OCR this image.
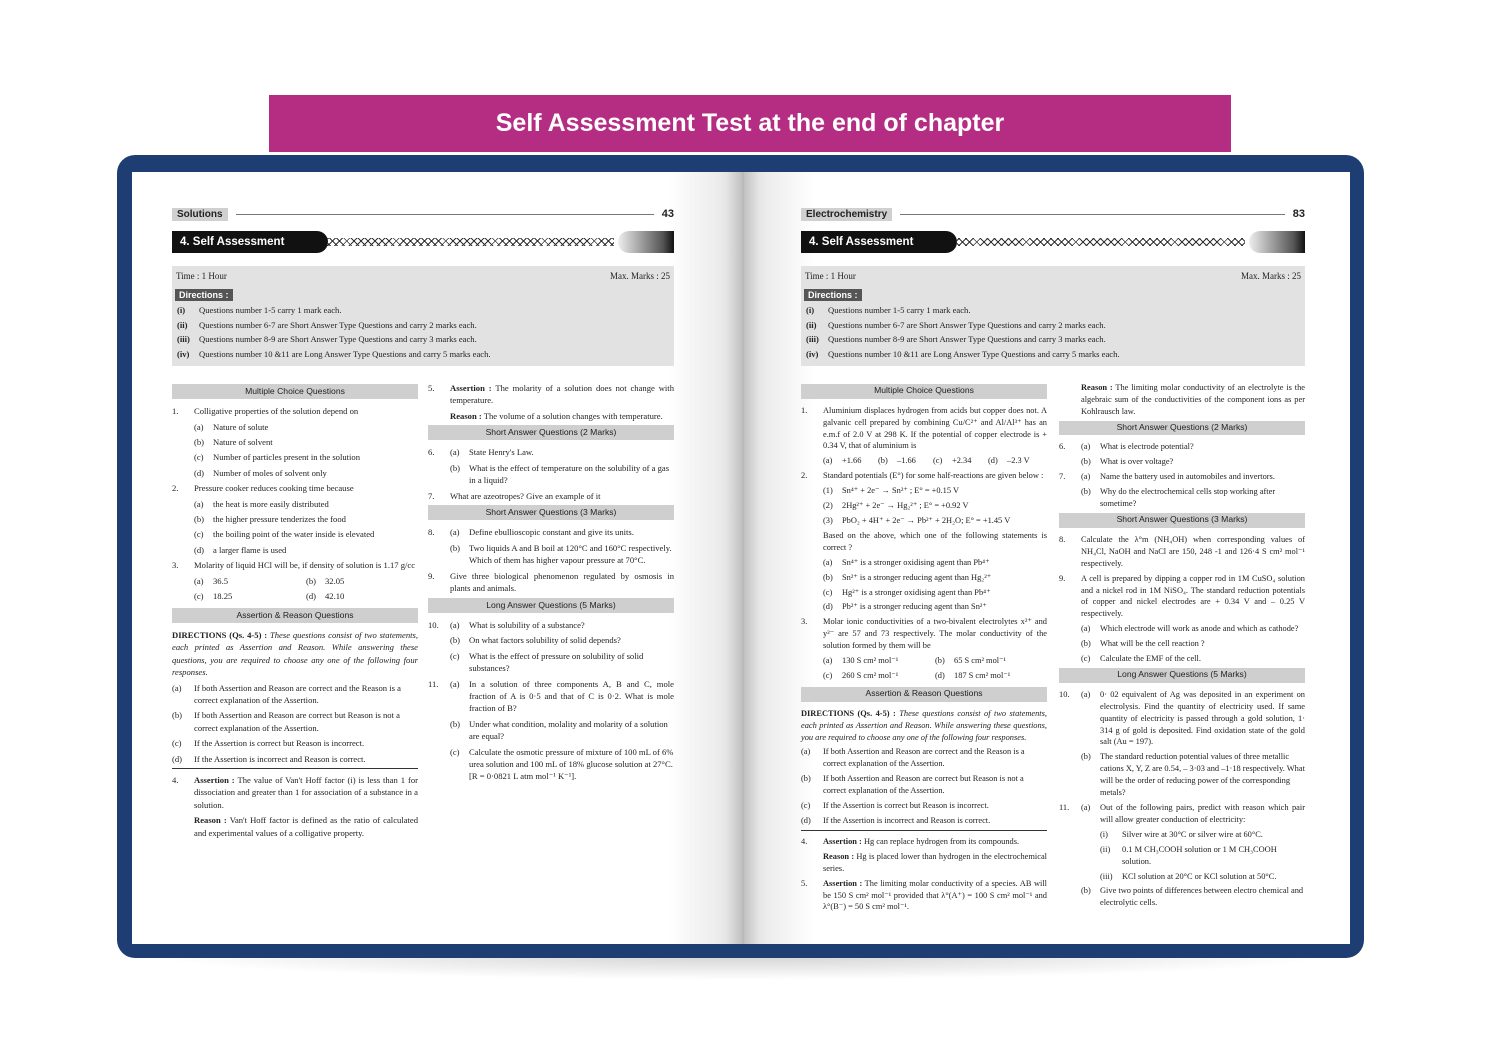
Self Assessment Test at the end of chapter
Solutions	43
4. Self Assessment
Time : 1 Hour	Max. Marks : 25
Directions :
(i)	Questions number 1-5 carry 1 mark each.
(ii)	Questions number 6-7 are Short Answer Type Questions and carry 2 marks each.
(iii)	Questions number 8-9 are Short Answer Type Questions and carry 3 marks each.
(iv)	Questions number 10 &11 are Long Answer Type Questions and carry 5 marks each.
Multiple Choice Questions
1.	Colligative properties of the solution depend on
(a)	Nature of solute
(b)	Nature of solvent
(c)	Number of particles present in the solution
(d)	Number of moles of solvent only
2.	Pressure cooker reduces cooking time because
(a)	the heat is more easily distributed
(b)	the higher pressure tenderizes the food
(c)	the boiling point of the water inside is elevated
(d)	a larger flame is used
3.	Molarity of liquid HCl will be, if density of solution is 1.17 g/cc
(a)	36.5	(b)	32.05
(c)	18.25	(d)	42.10
Assertion & Reason Questions
DIRECTIONS (Qs. 4-5) : These questions consist of two statements, each printed as Assertion and Reason. While answering these questions, you are required to choose any one of the following four responses.
(a)	If both Assertion and Reason are correct and the Reason is a correct explanation of the Assertion.
(b)	If both Assertion and Reason are correct but Reason is not a correct explanation of the Assertion.
(c)	If the Assertion is correct but Reason is incorrect.
(d)	If the Assertion is incorrect and Reason is correct.
4.	Assertion : The value of Van't Hoff factor (i) is less than 1 for dissociation and greater than 1 for association of a substance in a solution.
Reason : Van't Hoff factor is defined as the ratio of calculated and experimental values of a colligative property.
5.	Assertion : The molarity of a solution does not change with temperature.
Reason : The volume of a solution changes with temperature.
Short Answer Questions (2 Marks)
6.	(a)	State Henry's Law.
(b)	What is the effect of temperature on the solubility of a gas in a liquid?
7.	What are azeotropes? Give an example of it
Short Answer Questions (3 Marks)
8.	(a)	Define ebullioscopic constant and give its units.
(b)	Two liquids A and B boil at 120°C and 160°C respectively. Which of them has higher vapour pressure at 70°C.
9.	Give three biological phenomenon regulated by osmosis in plants and animals.
Long Answer Questions (5 Marks)
10.	(a)	What is solubility of a substance?
(b)	On what factors solubility of solid depends?
(c)	What is the effect of pressure on solubility of solid substances?
11.	(a)	In a solution of three components A, B and C, mole fraction of A is 0·5 and that of C is 0·2. What is mole fraction of B?
(b)	Under what condition, molality and molarity of a solution are equal?
(c)	Calculate the osmotic pressure of mixture of 100 mL of 6% urea solution and 100 mL of 18% glucose solution at 27°C. [R = 0·0821 L atm mol⁻¹ K⁻¹].
Electrochemistry	83
4. Self Assessment
Time : 1 Hour	Max. Marks : 25
Directions :
(i)	Questions number 1-5 carry 1 mark each.
(ii)	Questions number 6-7 are Short Answer Type Questions and carry 2 marks each.
(iii)	Questions number 8-9 are Short Answer Type Questions and carry 3 marks each.
(iv)	Questions number 10 &11 are Long Answer Type Questions and carry 5 marks each.
Multiple Choice Questions
1.	Aluminium displaces hydrogen from acids but copper does not. A galvanic cell prepared by combining Cu/C²⁺ and Al/Al³⁺ has an e.m.f of 2.0 V at 298 K. If the potential of copper electrode is + 0.34 V, that of aluminium is
(a)	+1.66	(b)	–1.66	(c)	+2.34	(d)	–2.3 V
2.	Standard potentials (E°) for some half-reactions are given below :
(1)	Sn⁴⁺ + 2e⁻ → Sn²⁺ ; E° = +0.15 V
(2)	2Hg²⁺ + 2e⁻ → Hg₂²⁺ ; E° = +0.92 V
(3)	PbO₂ + 4H⁺ + 2e⁻ → Pb²⁺ + 2H₂O; E° = +1.45 V
Based on the above, which one of the following statements is correct ?
(a)	Sn⁴⁺ is a stronger oxidising agent than Pb⁴⁺
(b)	Sn²⁺ is a stronger reducing agent than Hg₂²⁺
(c)	Hg²⁺ is a stronger oxidising agent than Pb⁴⁺
(d)	Pb²⁺ is a stronger reducing agent than Sn²⁺
3.	Molar ionic conductivities of a two-bivalent electrolytes x²⁺ and y²⁻ are 57 and 73 respectively. The molar conductivity of the solution formed by them will be
(a)	130 S cm² mol⁻¹	(b)	65 S cm² mol⁻¹
(c)	260 S cm² mol⁻¹	(d)	187 S cm² mol⁻¹
Assertion & Reason Questions
DIRECTIONS (Qs. 4-5) : These questions consist of two statements, each printed as Assertion and Reason. While answering these questions, you are required to choose any one of the following four responses.
(a)	If both Assertion and Reason are correct and the Reason is a correct explanation of the Assertion.
(b)	If both Assertion and Reason are correct but Reason is not a correct explanation of the Assertion.
(c)	If the Assertion is correct but Reason is incorrect.
(d)	If the Assertion is incorrect and Reason is correct.
4.	Assertion : Hg can replace hydrogen from its compounds.
Reason : Hg is placed lower than hydrogen in the electrochemical series.
5.	Assertion : The limiting molar conductivity of a species. AB will be 150 S cm² mol⁻¹ provided that λ°(A⁺) = 100 S cm² mol⁻¹ and λ°(B⁻) = 50 S cm² mol⁻¹.
Reason : The limiting molar conductivity of an electrolyte is the algebraic sum of the conductivities of the component ions as per Kohlrausch law.
Short Answer Questions (2 Marks)
6.	(a)	What is electrode potential?
(b)	What is over voltage?
7.	(a)	Name the battery used in automobiles and invertors.
(b)	Why do the electrochemical cells stop working after sometime?
Short Answer Questions (3 Marks)
8.	Calculate the λ°m (NH₄OH) when corresponding values of NH₄Cl, NaOH and NaCl are 150, 248 -1 and 126·4 S cm² mol⁻¹ respectively.
9.	A cell is prepared by dipping a copper rod in 1M CuSO₄ solution and a nickel rod in 1M NiSO₄. The standard reduction potentials of copper and nickel electrodes are + 0.34 V and – 0.25 V respectively.
(a)	Which electrode will work as anode and which as cathode?
(b)	What will be the cell reaction ?
(c)	Calculate the EMF of the cell.
Long Answer Questions (5 Marks)
10.	(a)	0· 02 equivalent of Ag was deposited in an experiment on electrolysis. Find the quantity of electricity used. If same quantity of electricity is passed through a gold solution, 1· 314 g of gold is deposited. Find oxidation state of the gold salt (Au = 197).
(b)	The standard reduction potential values of three metallic cations X, Y, Z are 0.54, – 3·03 and –1·18 respectively. What will be the order of reducing power of the corresponding metals?
11.	(a)	Out of the following pairs, predict with reason which pair will allow greater conduction of electricity:
(i)	Silver wire at 30°C or silver wire at 60°C.
(ii)	0.1 M CH₃COOH solution or 1 M CH₃COOH solution.
(iii)	KCl solution at 20°C or KCl solution at 50°C.
(b)	Give two points of differences between electro chemical and electrolytic cells.
